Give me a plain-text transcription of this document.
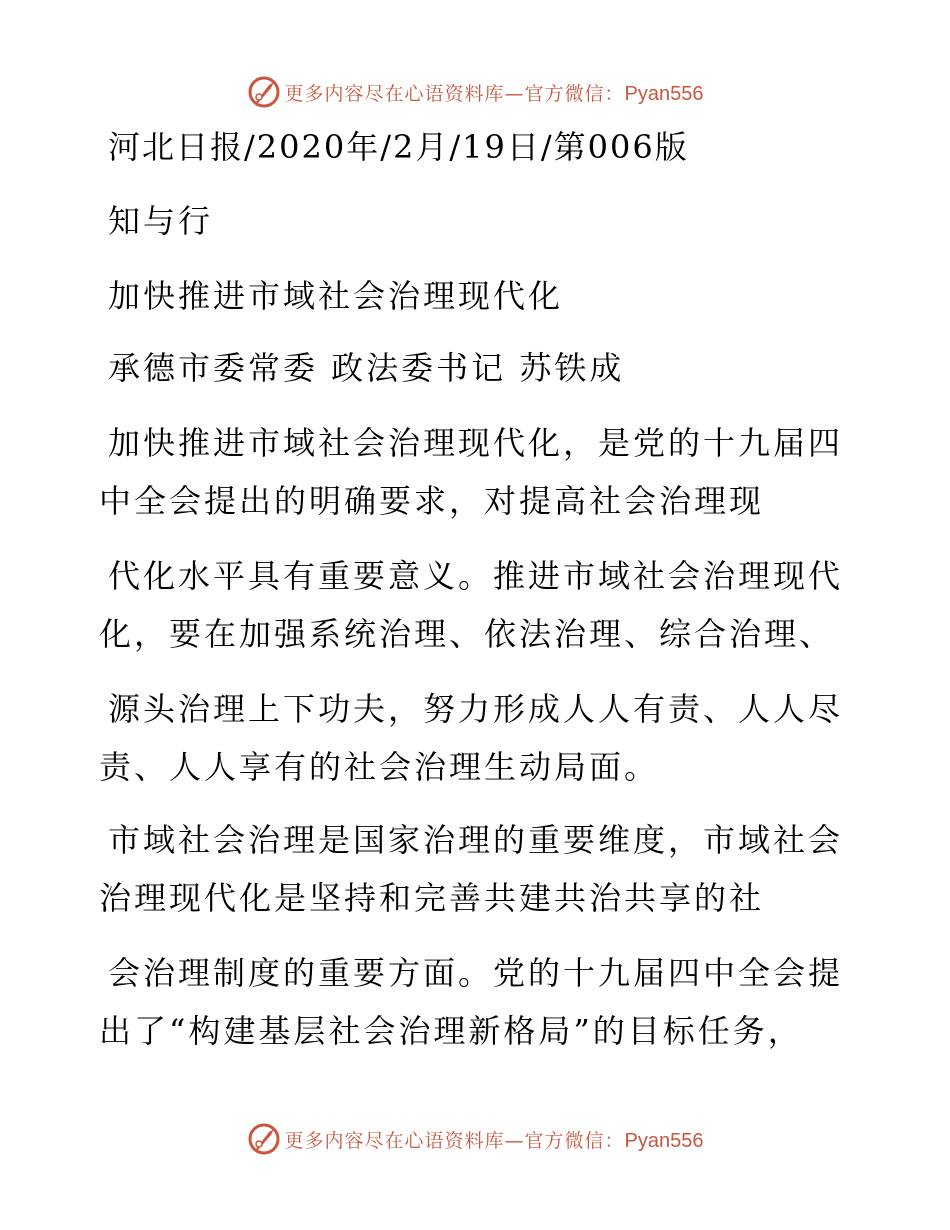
更多内容尽在心语资料库—官方微信：Pyan556
河北日报/2020年/2月/19日/第006版
知与行
加快推进市域社会治理现代化
承德市委常委 政法委书记 苏铁成
加快推进市域社会治理现代化，是党的十九届四
中全会提出的明确要求，对提高社会治理现
代化水平具有重要意义。推进市域社会治理现代
化，要在加强系统治理、依法治理、综合治理、
源头治理上下功夫，努力形成人人有责、人人尽
责、人人享有的社会治理生动局面。
市域社会治理是国家治理的重要维度，市域社会
治理现代化是坚持和完善共建共治共享的社
会治理制度的重要方面。党的十九届四中全会提
出了“构建基层社会治理新格局”的目标任务，
更多内容尽在心语资料库—官方微信：Pyan556
